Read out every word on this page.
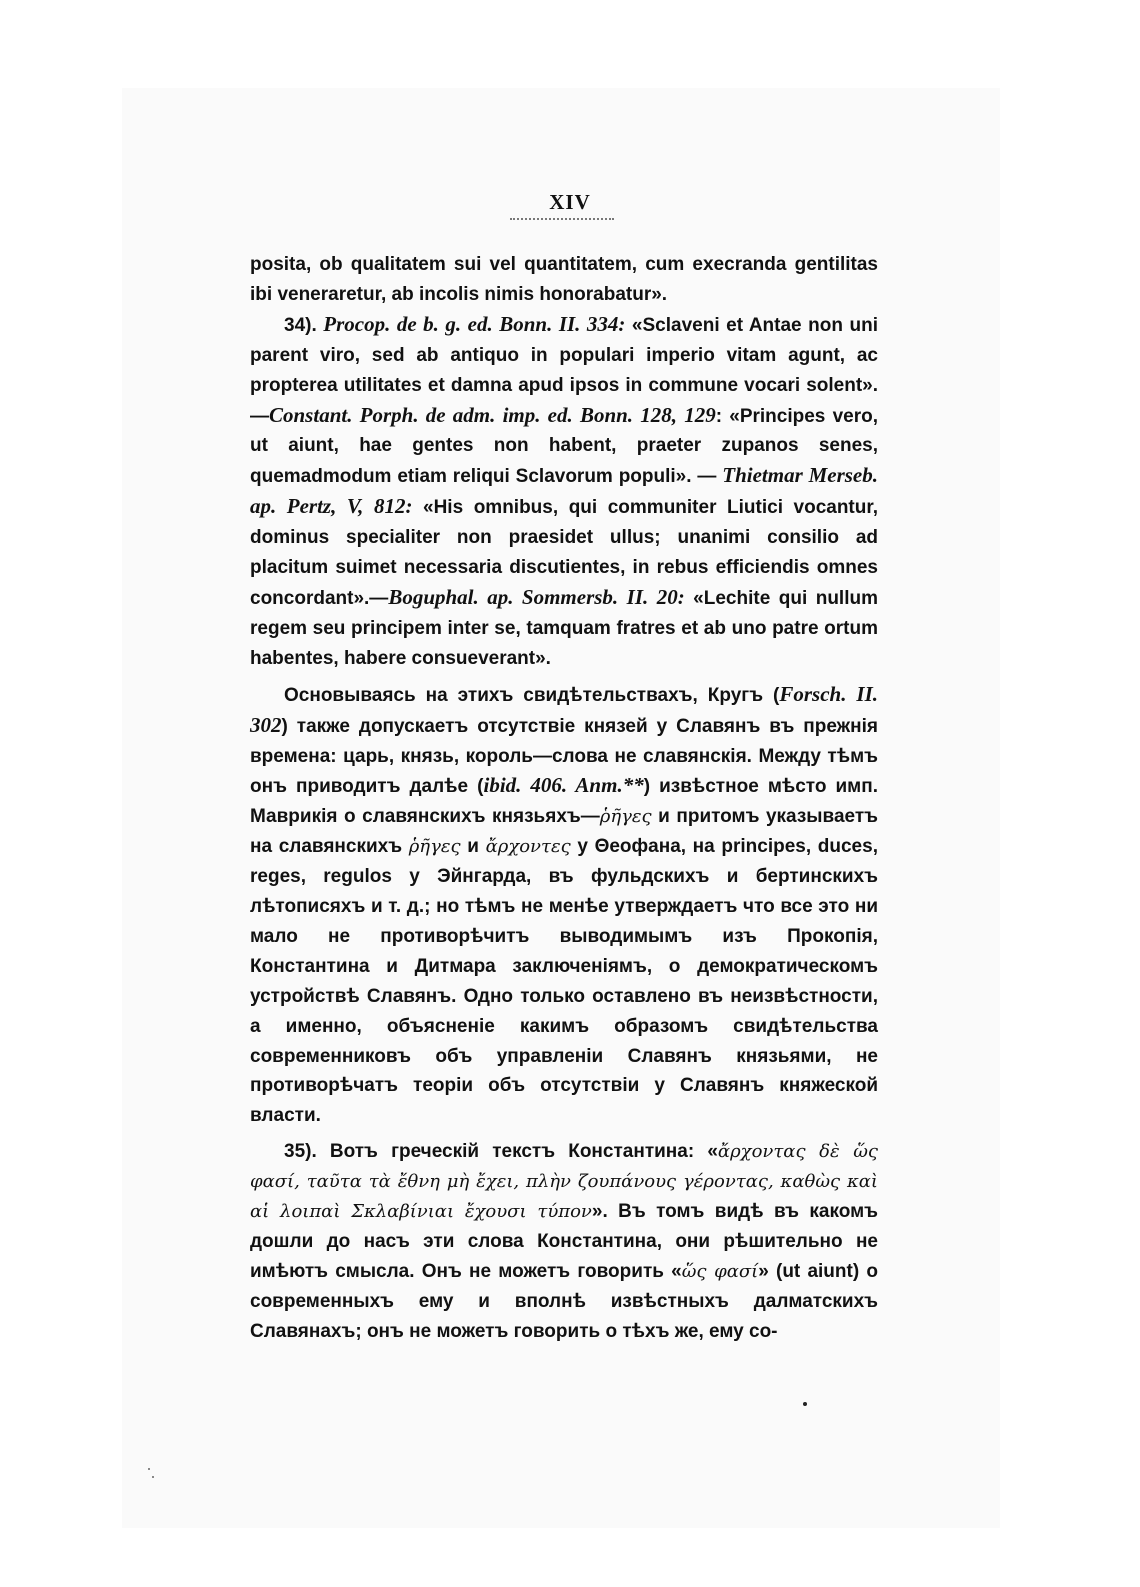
XIV

posita, ob qualitatem sui vel quantitatem, cum execranda gentilitas ibi veneraretur, ab incolis nimis honorabatur».

34). Procop. de b. g. ed. Bonn. II. 334: «Sclaveni et Antae non uni parent viro, sed ab antiquo in populari imperio vitam agunt, ac propterea utilitates et damna apud ipsos in commune vocari solent».—Constant. Porph. de adm. imp. ed. Bonn. 128, 129: «Principes vero, ut aiunt, hae gentes non habent, praeter zupanos senes, quemadmodum etiam reliqui Sclavorum populi». — Thietmar Merseb. ap. Pertz, V, 812: «His omnibus, qui communiter Liutici vocantur, dominus specialiter non praesidet ullus; unanimi consilio ad placitum suimet necessaria discutientes, in rebus efficiendis omnes concordant».—Boguphal. ap. Sommersb. II. 20: «Lechite qui nullum regem seu principem inter se, tamquam fratres et ab uno patre ortum habentes, habere consueverant».

Основываясь на этихъ свидѣтельствахъ, Кругъ (Forsch. II. 302) также допускаетъ отсутствіе князей у Славянъ въ прежнія времена: царь, князь, король—слова не славянскія. Между тѣмъ онъ приводитъ далѣе (ibid. 406. Anm.**) извѣстное мѣсто имп. Маврикія о славянскихъ князьяхъ—ῥῆγες и притомъ указываетъ на славянскихъ ῥῆγες и ἄρχοντες у Θеофана, на principes, duces, reges, regulos у Эйнгарда, въ фульдскихъ и бертинскихъ лѣтописяхъ и т. д.; но тѣмъ не менѣе утверждаетъ что все это ни мало не противорѣчитъ выводимымъ изъ Прокопія, Константина и Дитмара заключеніямъ, о демократическомъ устройствѣ Славянъ. Одно только оставлено въ неизвѣстности, а именно, объясненіе какимъ образомъ свидѣтельства современниковъ объ управленіи Славянъ князьями, не противорѣчатъ теоріи объ отсутствіи у Славянъ княжеской власти.

35). Вотъ греческій текстъ Константина: «ἄρχοντας δὲ ὥς φασί, ταῦτα τὰ ἔθνη μὴ ἔχει, πλὴν ζουπάνους γέροντας, καθὼς καὶ αἱ λοιπαὶ Σκλαβίνιαι ἔχουσι τύπον». Въ томъ видѣ въ какомъ дошли до насъ эти слова Константина, они рѣшительно не имѣютъ смысла. Онъ не можетъ говорить «ὥς φασί» (ut aiunt) о современныхъ ему и вполнѣ извѣстныхъ далматскихъ Славянахъ; онъ не можетъ говорить о тѣхъ же, ему со-
